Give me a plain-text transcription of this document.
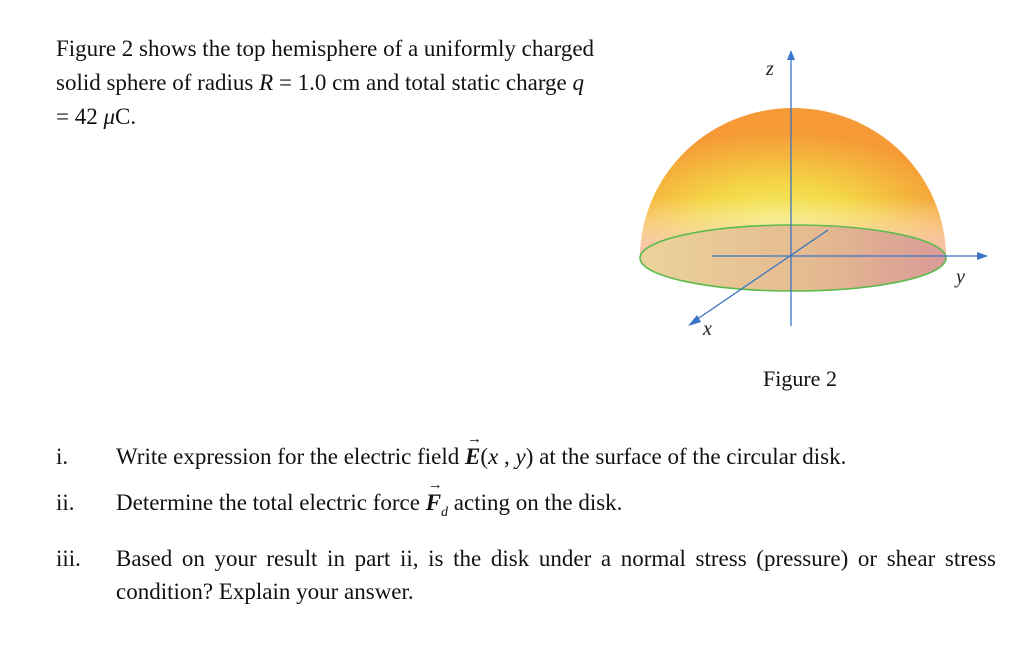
Figure 2 shows the top hemisphere of a uniformly charged solid sphere of radius R = 1.0 cm and total static charge q = 42 μC.

z
y
x
Figure 2
i. Write expression for the electric field → E(x , y) at the surface of the circular disk.
ii. Determine the total electric force → $F_d$ acting on the disk.
iii. Based on your result in part ii, is the disk under a normal stress (pressure) or shear stress condition? Explain your answer.
